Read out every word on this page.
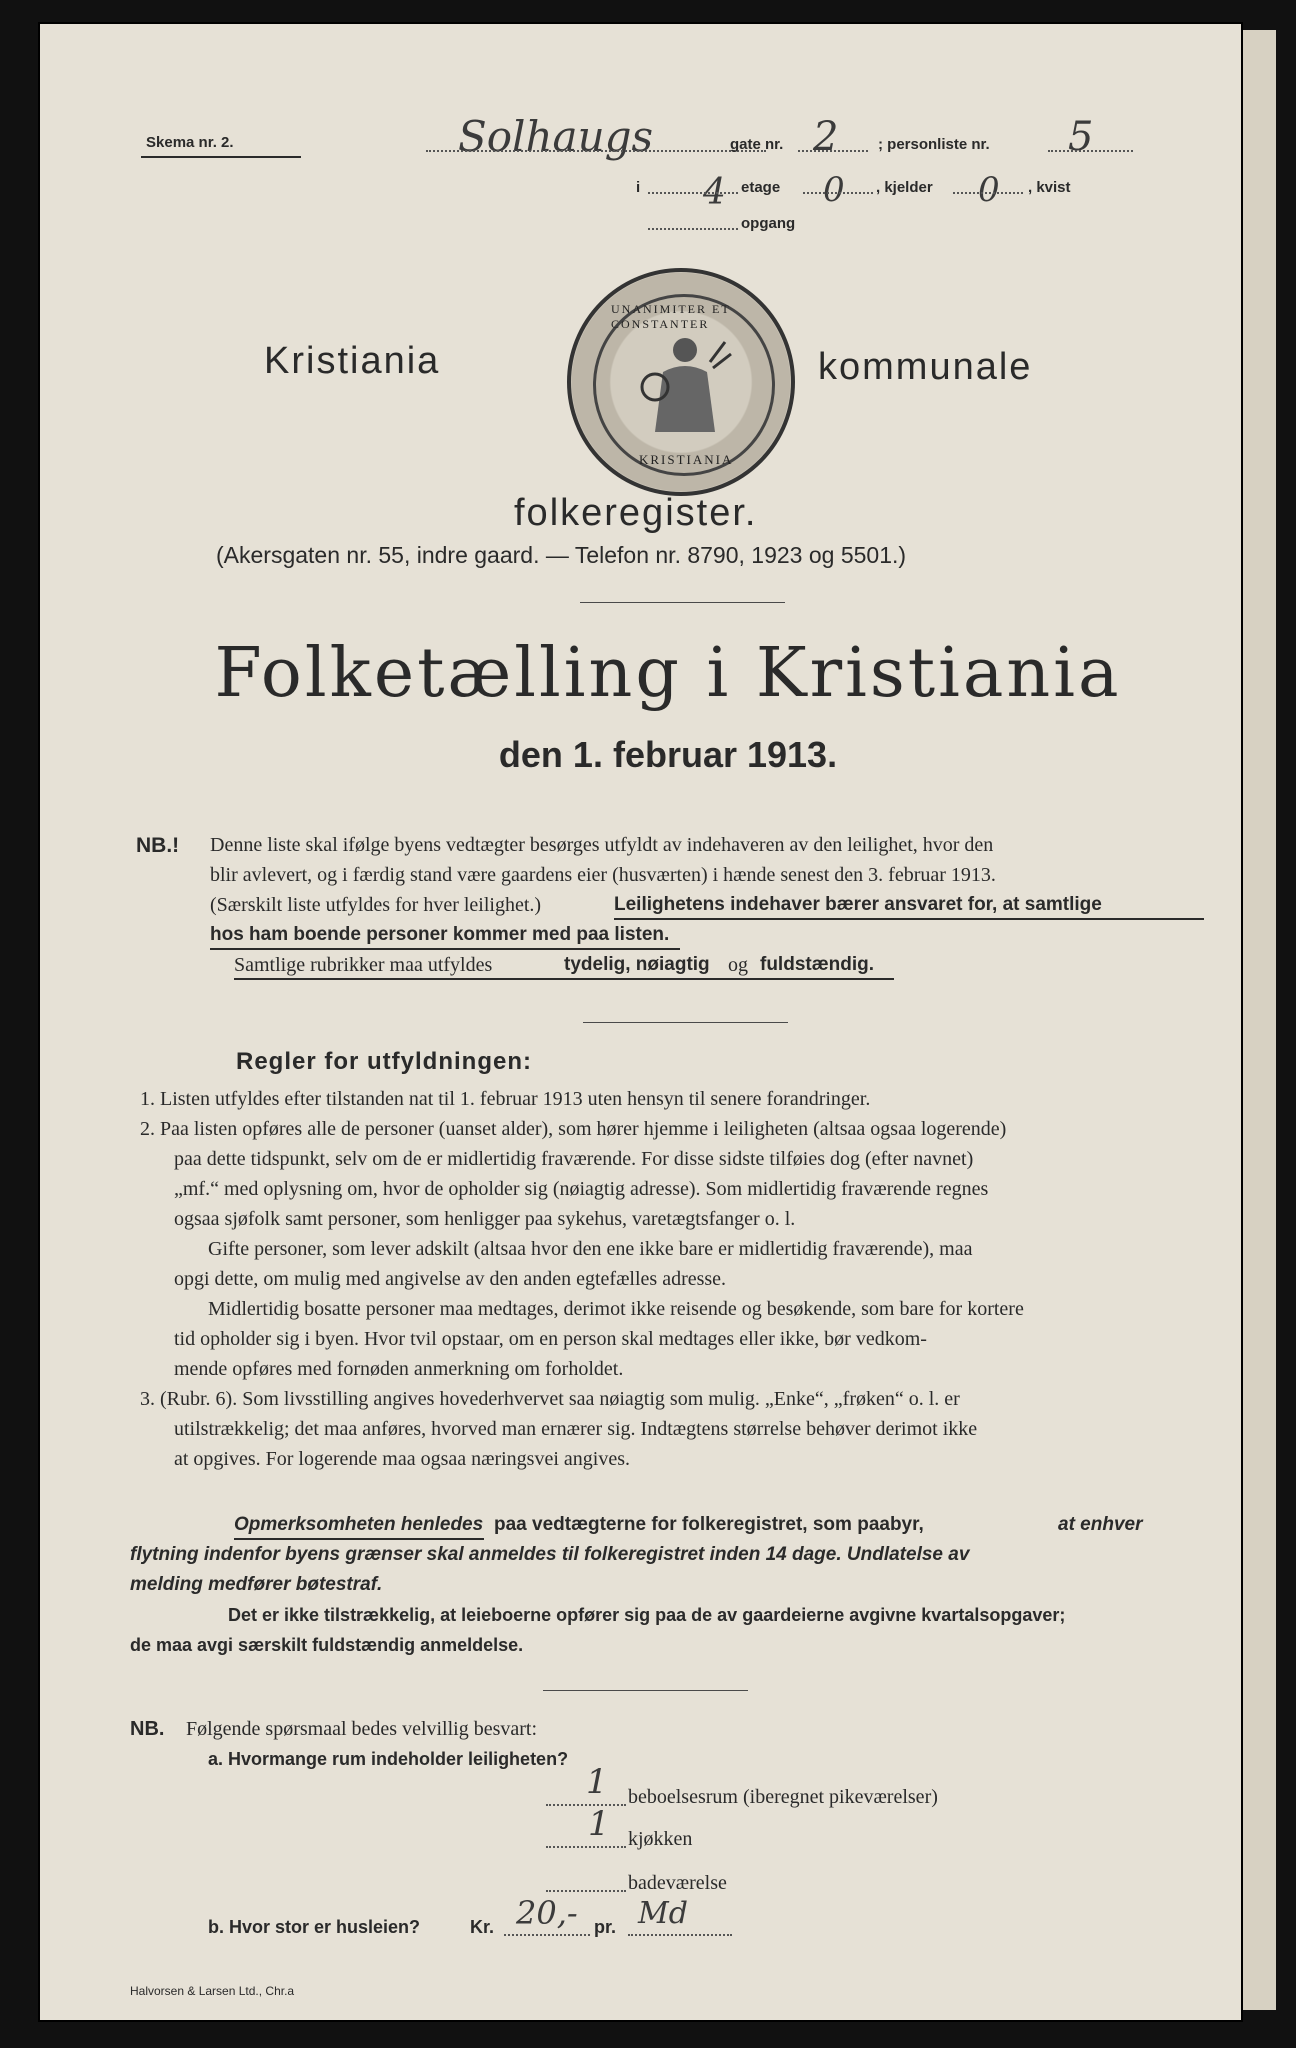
Skema nr. 2.	Solhaugs	gate nr. 2	; personliste nr. 5
i 4 etage 0 , kjelder 0 , kvist
opgang
Kristiania
UNANIMITER ET CONSTANTER
KRISTIANIA
kommunale
folkeregister.
(Akersgaten nr. 55, indre gaard. — Telefon nr. 8790, 1923 og 5501.)
Folketælling i Kristiania
den 1. februar 1913.
NB.! Denne liste skal ifølge byens vedtægter besørges utfyldt av indehaveren av den leilighet, hvor den
blir avlevert, og i færdig stand være gaardens eier (husværten) i hænde senest den 3. februar 1913.
(Særskilt liste utfyldes for hver leilighet.)	Leilighetens indehaver bærer ansvaret for, at samtlige
hos ham boende personer kommer med paa listen.
Samtlige rubrikker maa utfyldes	tydelig, nøiagtig og fuldstændig.
Regler for utfyldningen:
1. Listen utfyldes efter tilstanden nat til 1. februar 1913 uten hensyn til senere forandringer.
2. Paa listen opføres alle de personer (uanset alder), som hører hjemme i leiligheten (altsaa ogsaa logerende)
paa dette tidspunkt, selv om de er midlertidig fraværende. For disse sidste tilføies dog (efter navnet)
„mf.“ med oplysning om, hvor de opholder sig (nøiagtig adresse). Som midlertidig fraværende regnes
ogsaa sjøfolk samt personer, som henligger paa sykehus, varetægtsfanger o. l.
Gifte personer, som lever adskilt (altsaa hvor den ene ikke bare er midlertidig fraværende), maa
opgi dette, om mulig med angivelse av den anden egtefælles adresse.
Midlertidig bosatte personer maa medtages, derimot ikke reisende og besøkende, som bare for kortere
tid opholder sig i byen. Hvor tvil opstaar, om en person skal medtages eller ikke, bør vedkom-
mende opføres med fornøden anmerkning om forholdet.
3. (Rubr. 6). Som livsstilling angives hovederhvervet saa nøiagtig som mulig. „Enke“, „frøken“ o. l. er
utilstrækkelig; det maa anføres, hvorved man ernærer sig. Indtægtens størrelse behøver derimot ikke
at opgives. For logerende maa ogsaa næringsvei angives.
Opmerksomheten henledes paa vedtægterne for folkeregistret, som paabyr,	at enhver
flytning indenfor byens grænser skal anmeldes til folkeregistret inden 14 dage. Undlatelse av
melding medfører bøtestraf.
Det er ikke tilstrækkelig, at leieboerne opfører sig paa de av gaardeierne avgivne kvartalsopgaver;
de maa avgi særskilt fuldstændig anmeldelse.
NB. Følgende spørsmaal bedes velvillig besvart:
a. Hvormange rum indeholder leiligheten?
1 beboelsesrum (iberegnet pikeværelser)
1 kjøkken
badeværelse
b. Hvor stor er husleien?	Kr. 20,- pr. Md
Halvorsen & Larsen Ltd., Chr.a
